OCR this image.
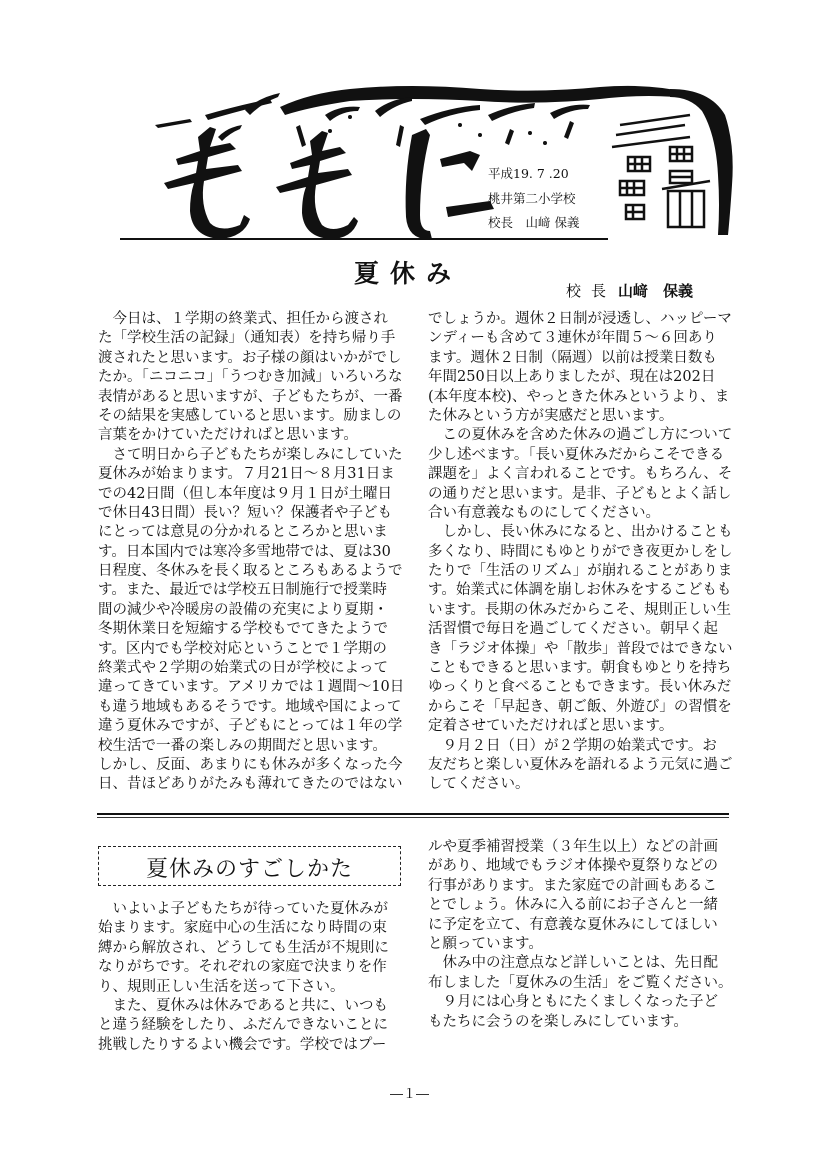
平成19. 7 .20
桃井第二小学校
校長　山﨑 保義
夏休み
校長 山﨑　保義
　今日は、１学期の終業式、担任から渡され
た「学校生活の記録」（通知表）を持ち帰り手
渡されたと思います。お子様の顔はいかがでし
たか。「ニコニコ」「うつむき加減」いろいろな
表情があると思いますが、子どもたちが、一番
その結果を実感していると思います。励ましの
言葉をかけていただければと思います。
　さて明日から子どもたちが楽しみにしていた
夏休みが始まります。７月21日～８月31日ま
での42日間（但し本年度は９月１日が土曜日
で休日43日間）長い？短い？保護者や子ども
にとっては意見の分かれるところかと思いま
す。日本国内では寒冷多雪地帯では、夏は30
日程度、冬休みを長く取るところもあるようで
す。また、最近では学校五日制施行で授業時
間の減少や冷暖房の設備の充実により夏期・
冬期休業日を短縮する学校もでてきたようで
す。区内でも学校対応ということで１学期の
終業式や２学期の始業式の日が学校によって
違ってきています。アメリカでは１週間～10日
も違う地域もあるそうです。地域や国によって
違う夏休みですが、子どもにとっては１年の学
校生活で一番の楽しみの期間だと思います。
しかし、反面、あまりにも休みが多くなった今
日、昔ほどありがたみも薄れてきたのではない
でしょうか。週休２日制が浸透し、ハッピーマ
ンディーも含めて３連休が年間５～６回あり
ます。週休２日制（隔週）以前は授業日数も
年間250日以上ありましたが、現在は202日
(本年度本校)、やっときた休みというより、ま
た休みという方が実感だと思います。
　この夏休みを含めた休みの過ごし方について
少し述べます。「長い夏休みだからこそできる
課題を」よく言われることです。もちろん、そ
の通りだと思います。是非、子どもとよく話し
合い有意義なものにしてください。
　しかし、長い休みになると、出かけることも
多くなり、時間にもゆとりができ夜更かしをし
たりで「生活のリズム」が崩れることがありま
す。始業式に体調を崩しお休みをするこどもも
います。長期の休みだからこそ、規則正しい生
活習慣で毎日を過ごしてください。朝早く起
き「ラジオ体操」や「散歩」普段ではできない
こともできると思います。朝食もゆとりを持ち
ゆっくりと食べることもできます。長い休みだ
からこそ「早起き、朝ご飯、外遊び」の習慣を
定着させていただければと思います。
　９月２日（日）が２学期の始業式です。お
友だちと楽しい夏休みを語れるよう元気に過ご
してください。
夏休みのすごしかた
　いよいよ子どもたちが待っていた夏休みが
始まります。家庭中心の生活になり時間の束
縛から解放され、どうしても生活が不規則に
なりがちです。それぞれの家庭で決まりを作
り、規則正しい生活を送って下さい。
　また、夏休みは休みであると共に、いつも
と違う経験をしたり、ふだんできないことに
挑戦したりするよい機会です。学校ではプー
ルや夏季補習授業（３年生以上）などの計画
があり、地域でもラジオ体操や夏祭りなどの
行事があります。また家庭での計画もあるこ
とでしょう。休みに入る前にお子さんと一緒
に予定を立て、有意義な夏休みにしてほしい
と願っています。
　休み中の注意点など詳しいことは、先日配
布しました「夏休みの生活」をご覧ください。
　９月には心身ともにたくましくなった子ど
もたちに会うのを楽しみにしています。
―１―
